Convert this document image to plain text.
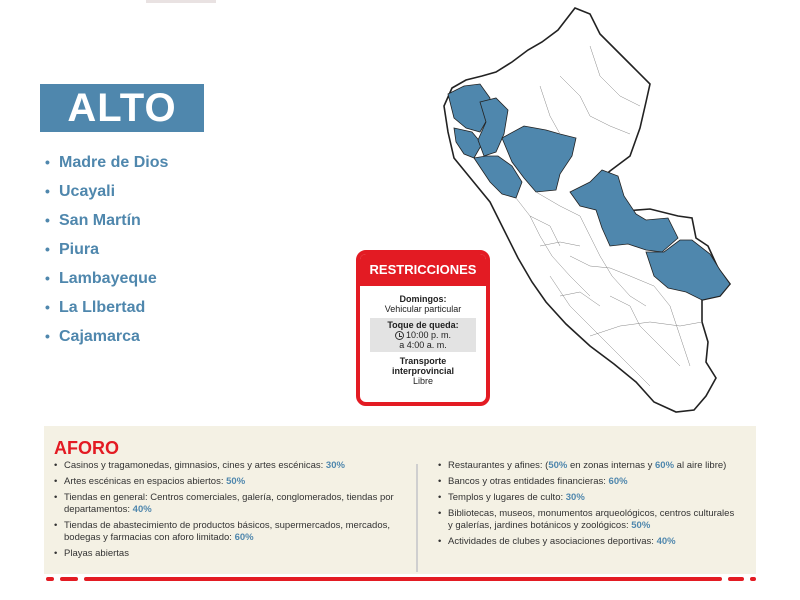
ALTO
• Madre de Dios
• Ucayali
• San Martín
• Piura
• Lambayeque
• La Llbertad
• Cajamarca
RESTRICCIONES
Domingos:
Vehicular particular
Toque de queda:
10:00 p. m.
a 4:00 a. m.
Transporte
interprovincial
Libre
AFORO
• Casinos y tragamonedas, gimnasios, cines y artes escénicas: 30%
• Artes escénicas en espacios abiertos: 50%
• Tiendas en general: Centros comerciales, galería, conglomerados, tiendas por departamentos: 40%
• Tiendas de abastecimiento de productos básicos, supermercados, mercados, bodegas y farmacias con aforo limitado: 60%
• Playas abiertas
• Restaurantes y afines: (50% en zonas internas y 60% al aire libre)
• Bancos y otras entidades financieras: 60%
• Templos y lugares de culto: 30%
• Bibliotecas, museos, monumentos arqueológicos, centros culturales y galerías, jardines botánicos y zoológicos: 50%
• Actividades de clubes y asociaciones deportivas: 40%
